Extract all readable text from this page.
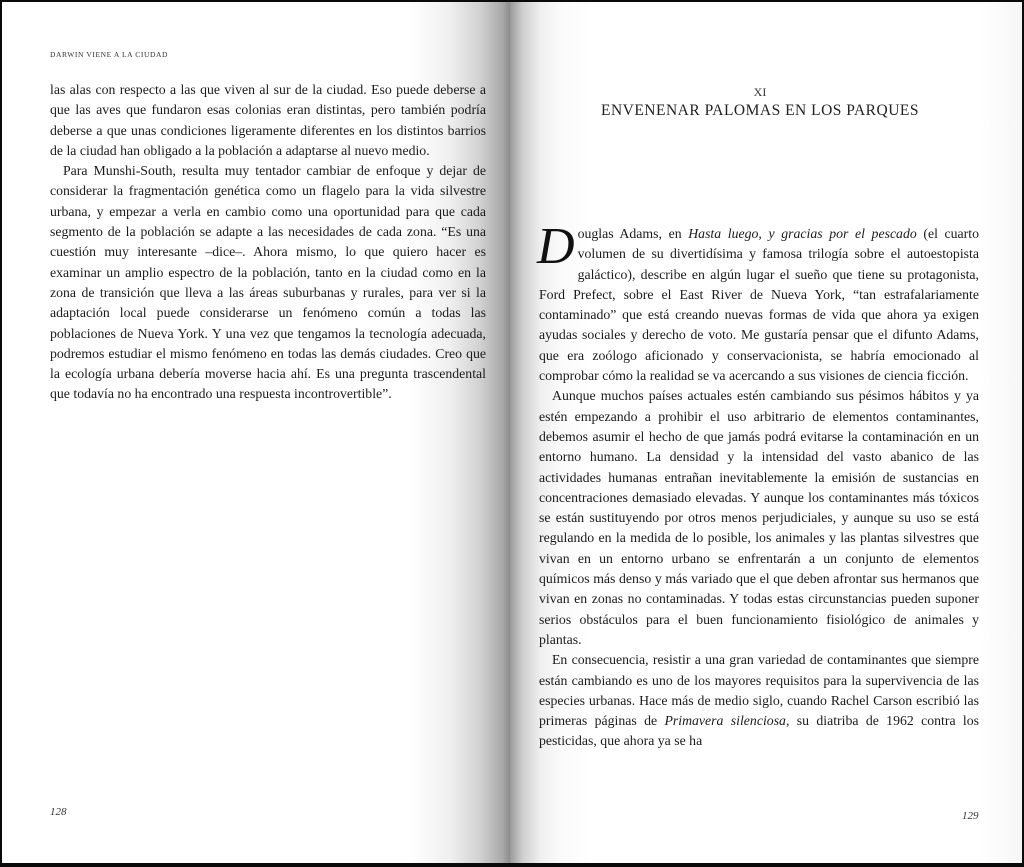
DARWIN VIENE A LA CIUDAD

las alas con respecto a las que viven al sur de la ciudad. Eso puede deberse a que las aves que fundaron esas colonias eran distintas, pero también podría deberse a que unas condiciones ligeramente diferentes en los distintos barrios de la ciudad han obligado a la población a adaptarse al nuevo medio.

Para Munshi-South, resulta muy tentador cambiar de enfoque y dejar de considerar la fragmentación genética como un flagelo para la vida silvestre urbana, y empezar a verla en cambio como una oportunidad para que cada segmento de la población se adapte a las necesidades de cada zona. “Es una cuestión muy interesante –dice–. Ahora mismo, lo que quiero hacer es examinar un amplio espectro de la población, tanto en la ciudad como en la zona de transición que lleva a las áreas suburbanas y rurales, para ver si la adaptación local puede considerarse un fenómeno común a todas las poblaciones de Nueva York. Y una vez que tengamos la tecnología adecuada, podremos estudiar el mismo fenómeno en todas las demás ciudades. Creo que la ecología urbana debería moverse hacia ahí. Es una pregunta trascendental que todavía no ha encontrado una respuesta incontrovertible”.

128
XI
ENVENENAR PALOMAS EN LOS PARQUES

Douglas Adams, en Hasta luego, y gracias por el pescado (el cuarto volumen de su divertidísima y famosa trilogía sobre el autoestopista galáctico), describe en algún lugar el sueño que tiene su protagonista, Ford Prefect, sobre el East River de Nueva York, “tan estrafalariamente contaminado” que está creando nuevas formas de vida que ahora ya exigen ayudas sociales y derecho de voto. Me gustaría pensar que el difunto Adams, que era zoólogo aficionado y conservacionista, se habría emocionado al comprobar cómo la realidad se va acercando a sus visiones de ciencia ficción.

Aunque muchos países actuales estén cambiando sus pésimos hábitos y ya estén empezando a prohibir el uso arbitrario de elementos contaminantes, debemos asumir el hecho de que jamás podrá evitarse la contaminación en un entorno humano. La densidad y la intensidad del vasto abanico de las actividades humanas entrañan inevitablemente la emisión de sustancias en concentraciones demasiado elevadas. Y aunque los contaminantes más tóxicos se están sustituyendo por otros menos perjudiciales, y aunque su uso se está regulando en la medida de lo posible, los animales y las plantas silvestres que vivan en un entorno urbano se enfrentarán a un conjunto de elementos químicos más denso y más variado que el que deben afrontar sus hermanos que vivan en zonas no contaminadas. Y todas estas circunstancias pueden suponer serios obstáculos para el buen funcionamiento fisiológico de animales y plantas.

En consecuencia, resistir a una gran variedad de contaminantes que siempre están cambiando es uno de los mayores requisitos para la supervivencia de las especies urbanas. Hace más de medio siglo, cuando Rachel Carson escribió las primeras páginas de Primavera silenciosa, su diatriba de 1962 contra los pesticidas, que ahora ya se ha

129
